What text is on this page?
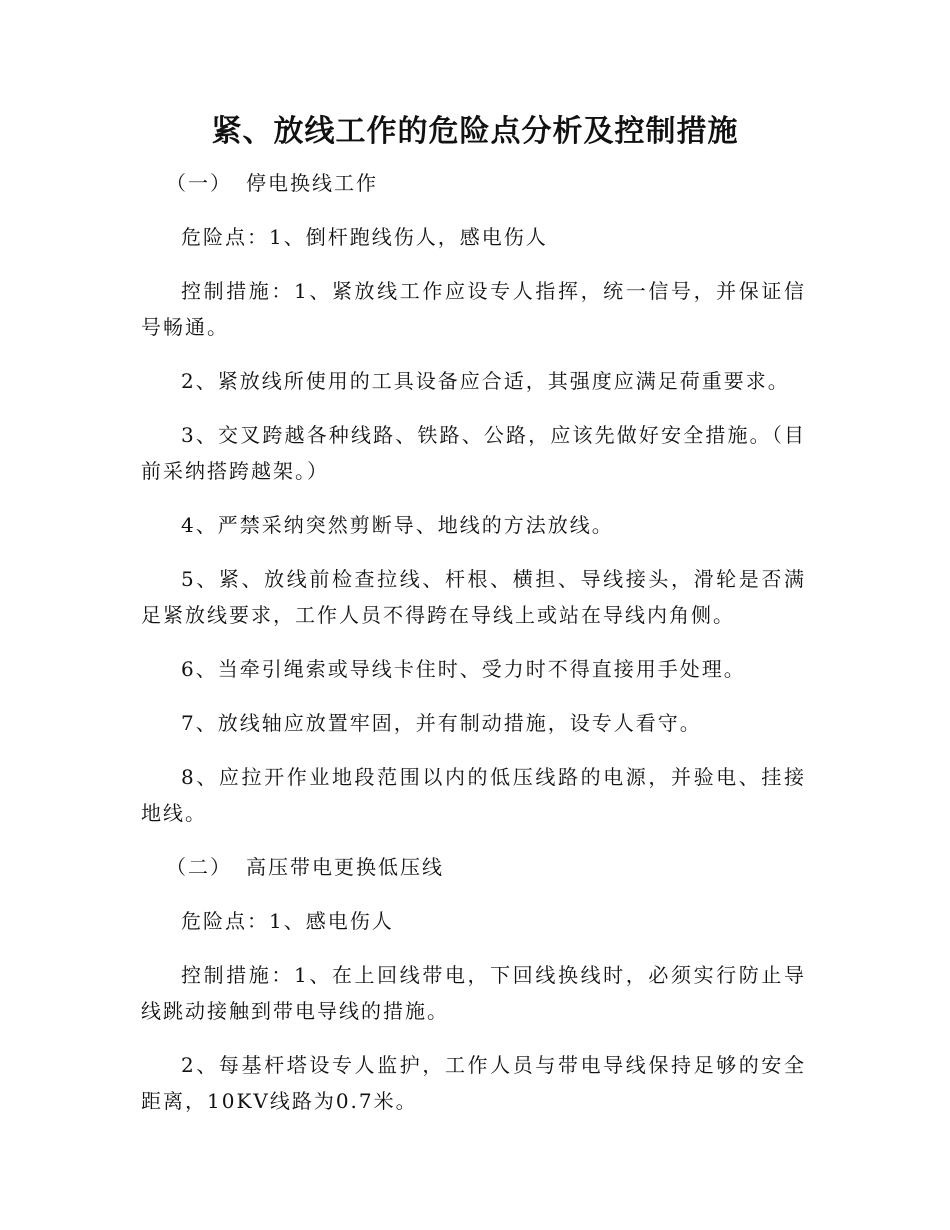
紧、放线工作的危险点分析及控制措施
（一） 停电换线工作

危险点：1、倒杆跑线伤人，感电伤人

控制措施：1、紧放线工作应设专人指挥，统一信号，并保证信号畅通。

2、紧放线所使用的工具设备应合适，其强度应满足荷重要求。

3、交叉跨越各种线路、铁路、公路，应该先做好安全措施。（目前采纳搭跨越架。）

4、严禁采纳突然剪断导、地线的方法放线。

5、紧、放线前检查拉线、杆根、横担、导线接头，滑轮是否满足紧放线要求，工作人员不得跨在导线上或站在导线内角侧。

6、当牵引绳索或导线卡住时、受力时不得直接用手处理。

7、放线轴应放置牢固，并有制动措施，设专人看守。

8、应拉开作业地段范围以内的低压线路的电源，并验电、挂接地线。

（二） 高压带电更换低压线

危险点：1、感电伤人

控制措施：1、在上回线带电，下回线换线时，必须实行防止导线跳动接触到带电导线的措施。

2、每基杆塔设专人监护，工作人员与带电导线保持足够的安全距离，10KV线路为0.7米。
